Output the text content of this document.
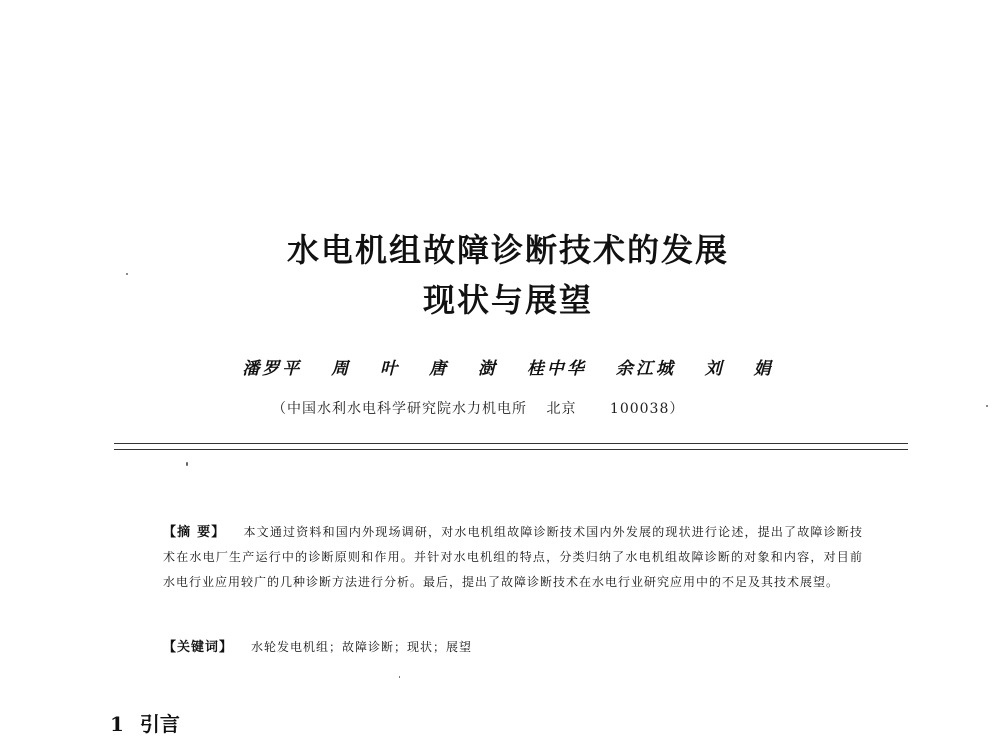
水电机组故障诊断技术的发展
现状与展望
潘罗平 周 叶 唐 澍 桂中华 余江城 刘 娟
（中国水利水电科学研究院水力机电所 北京 100038）

【摘 要】 本文通过资料和国内外现场调研，对水电机组故障诊断技术国内外发展的现状进行论述，提出了故障诊断技术在水电厂生产运行中的诊断原则和作用。并针对水电机组的特点，分类归纳了水电机组故障诊断的对象和内容，对目前水电行业应用较广的几种诊断方法进行分析。最后，提出了故障诊断技术在水电行业研究应用中的不足及其技术展望。

【关键词】 水轮发电机组；故障诊断；现状；展望
1 引言
